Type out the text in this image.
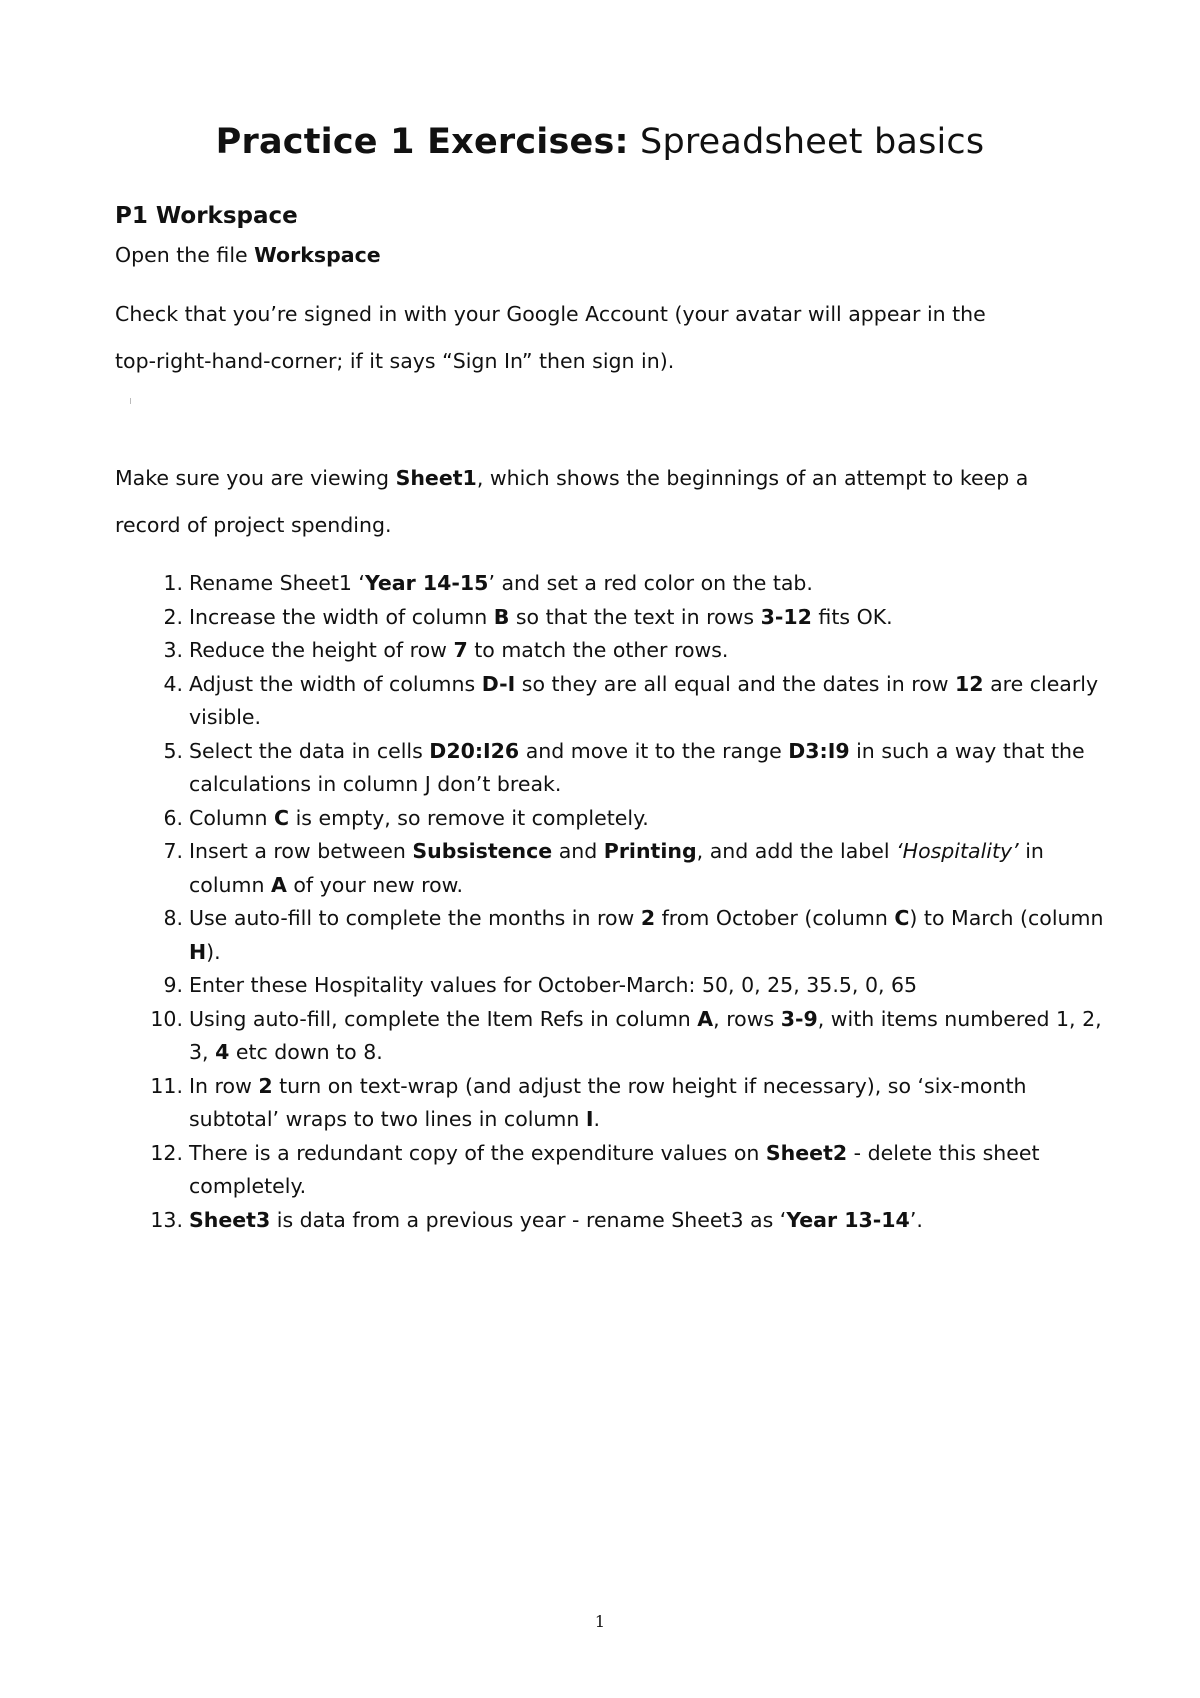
Practice 1 Exercises: Spreadsheet basics
P1 Workspace
Open the file Workspace
Check that you’re signed in with your Google Account (your avatar will appear in the
top-right-hand-corner; if it says “Sign In” then sign in).
Make sure you are viewing Sheet1, which shows the beginnings of an attempt to keep a
record of project spending.
1. Rename Sheet1 ‘Year 14-15’ and set a red color on the tab.
2. Increase the width of column B so that the text in rows 3-12 fits OK.
3. Reduce the height of row 7 to match the other rows.
4. Adjust the width of columns D-I so they are all equal and the dates in row 12 are clearly visible.
5. Select the data in cells D20:I26 and move it to the range D3:I9 in such a way that the calculations in column J don’t break.
6. Column C is empty, so remove it completely.
7. Insert a row between Subsistence and Printing, and add the label ‘Hospitality’ in column A of your new row.
8. Use auto-fill to complete the months in row 2 from October (column C) to March (column H).
9. Enter these Hospitality values for October-March: 50, 0, 25, 35.5, 0, 65
10. Using auto-fill, complete the Item Refs in column A, rows 3-9, with items numbered 1, 2, 3, 4 etc down to 8.
11. In row 2 turn on text-wrap (and adjust the row height if necessary), so ‘six-month subtotal’ wraps to two lines in column I.
12. There is a redundant copy of the expenditure values on Sheet2 - delete this sheet completely.
13. Sheet3 is data from a previous year - rename Sheet3 as ‘Year 13-14’.
1
